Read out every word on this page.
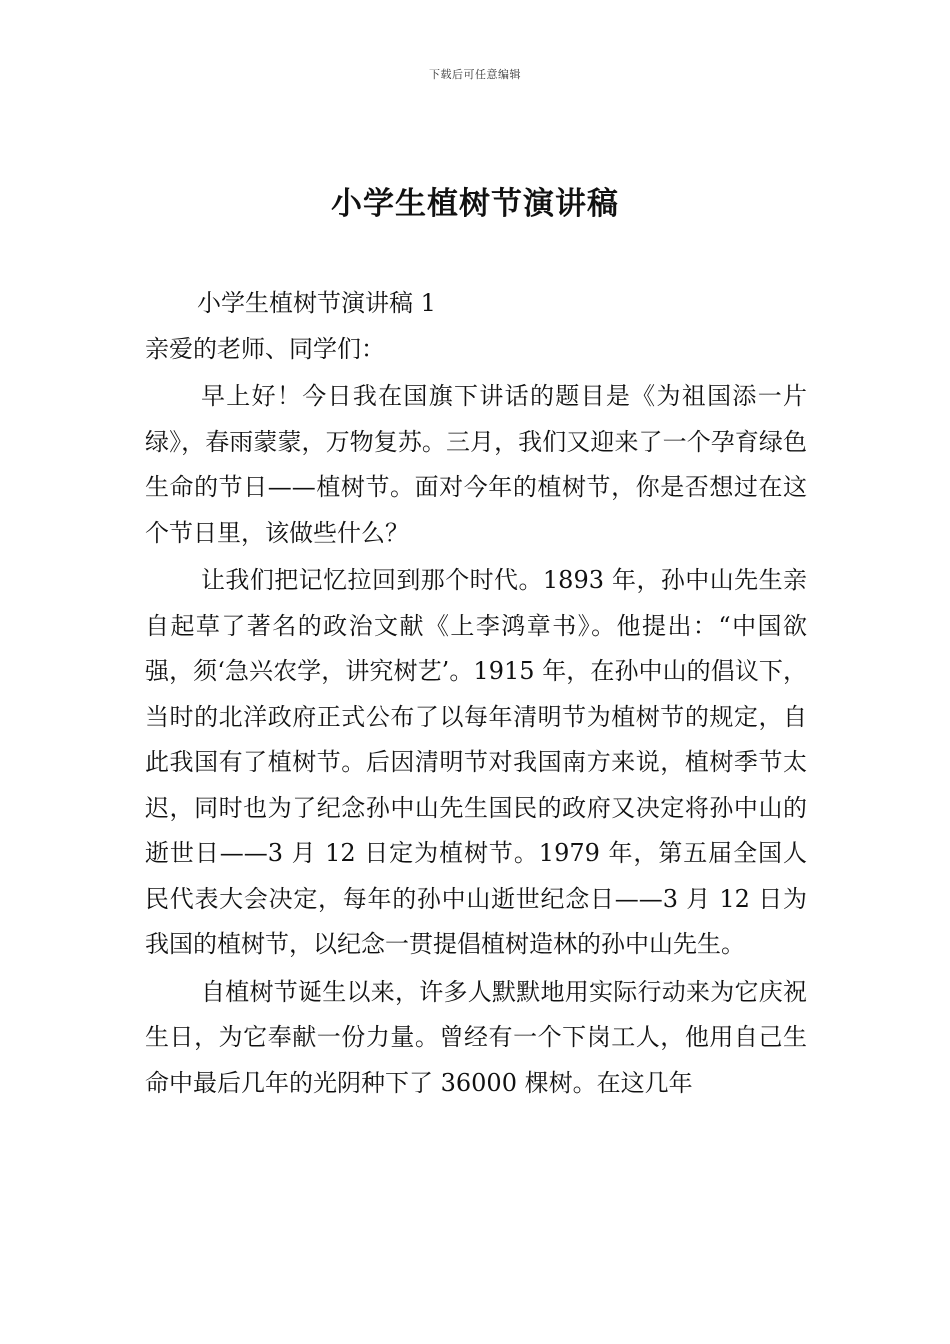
下载后可任意编辑
小学生植树节演讲稿

小学生植树节演讲稿 1

亲爱的老师、同学们：

早上好！今日我在国旗下讲话的题目是《为祖国添一片绿》，春雨蒙蒙，万物复苏。三月，我们又迎来了一个孕育绿色生命的节日——植树节。面对今年的植树节，你是否想过在这个节日里，该做些什么？

让我们把记忆拉回到那个时代。1893 年，孙中山先生亲自起草了著名的政治文献《上李鸿章书》。他提出：“中国欲强，须‘急兴农学，讲究树艺’。1915 年，在孙中山的倡议下，当时的北洋政府正式公布了以每年清明节为植树节的规定，自此我国有了植树节。后因清明节对我国南方来说，植树季节太迟，同时也为了纪念孙中山先生国民的政府又决定将孙中山的逝世日——3 月 12 日定为植树节。1979 年，第五届全国人民代表大会决定，每年的孙中山逝世纪念日——3 月 12 日为我国的植树节，以纪念一贯提倡植树造林的孙中山先生。

自植树节诞生以来，许多人默默地用实际行动来为它庆祝生日，为它奉献一份力量。曾经有一个下岗工人，他用自己生命中最后几年的光阴种下了 36000 棵树。在这几年
